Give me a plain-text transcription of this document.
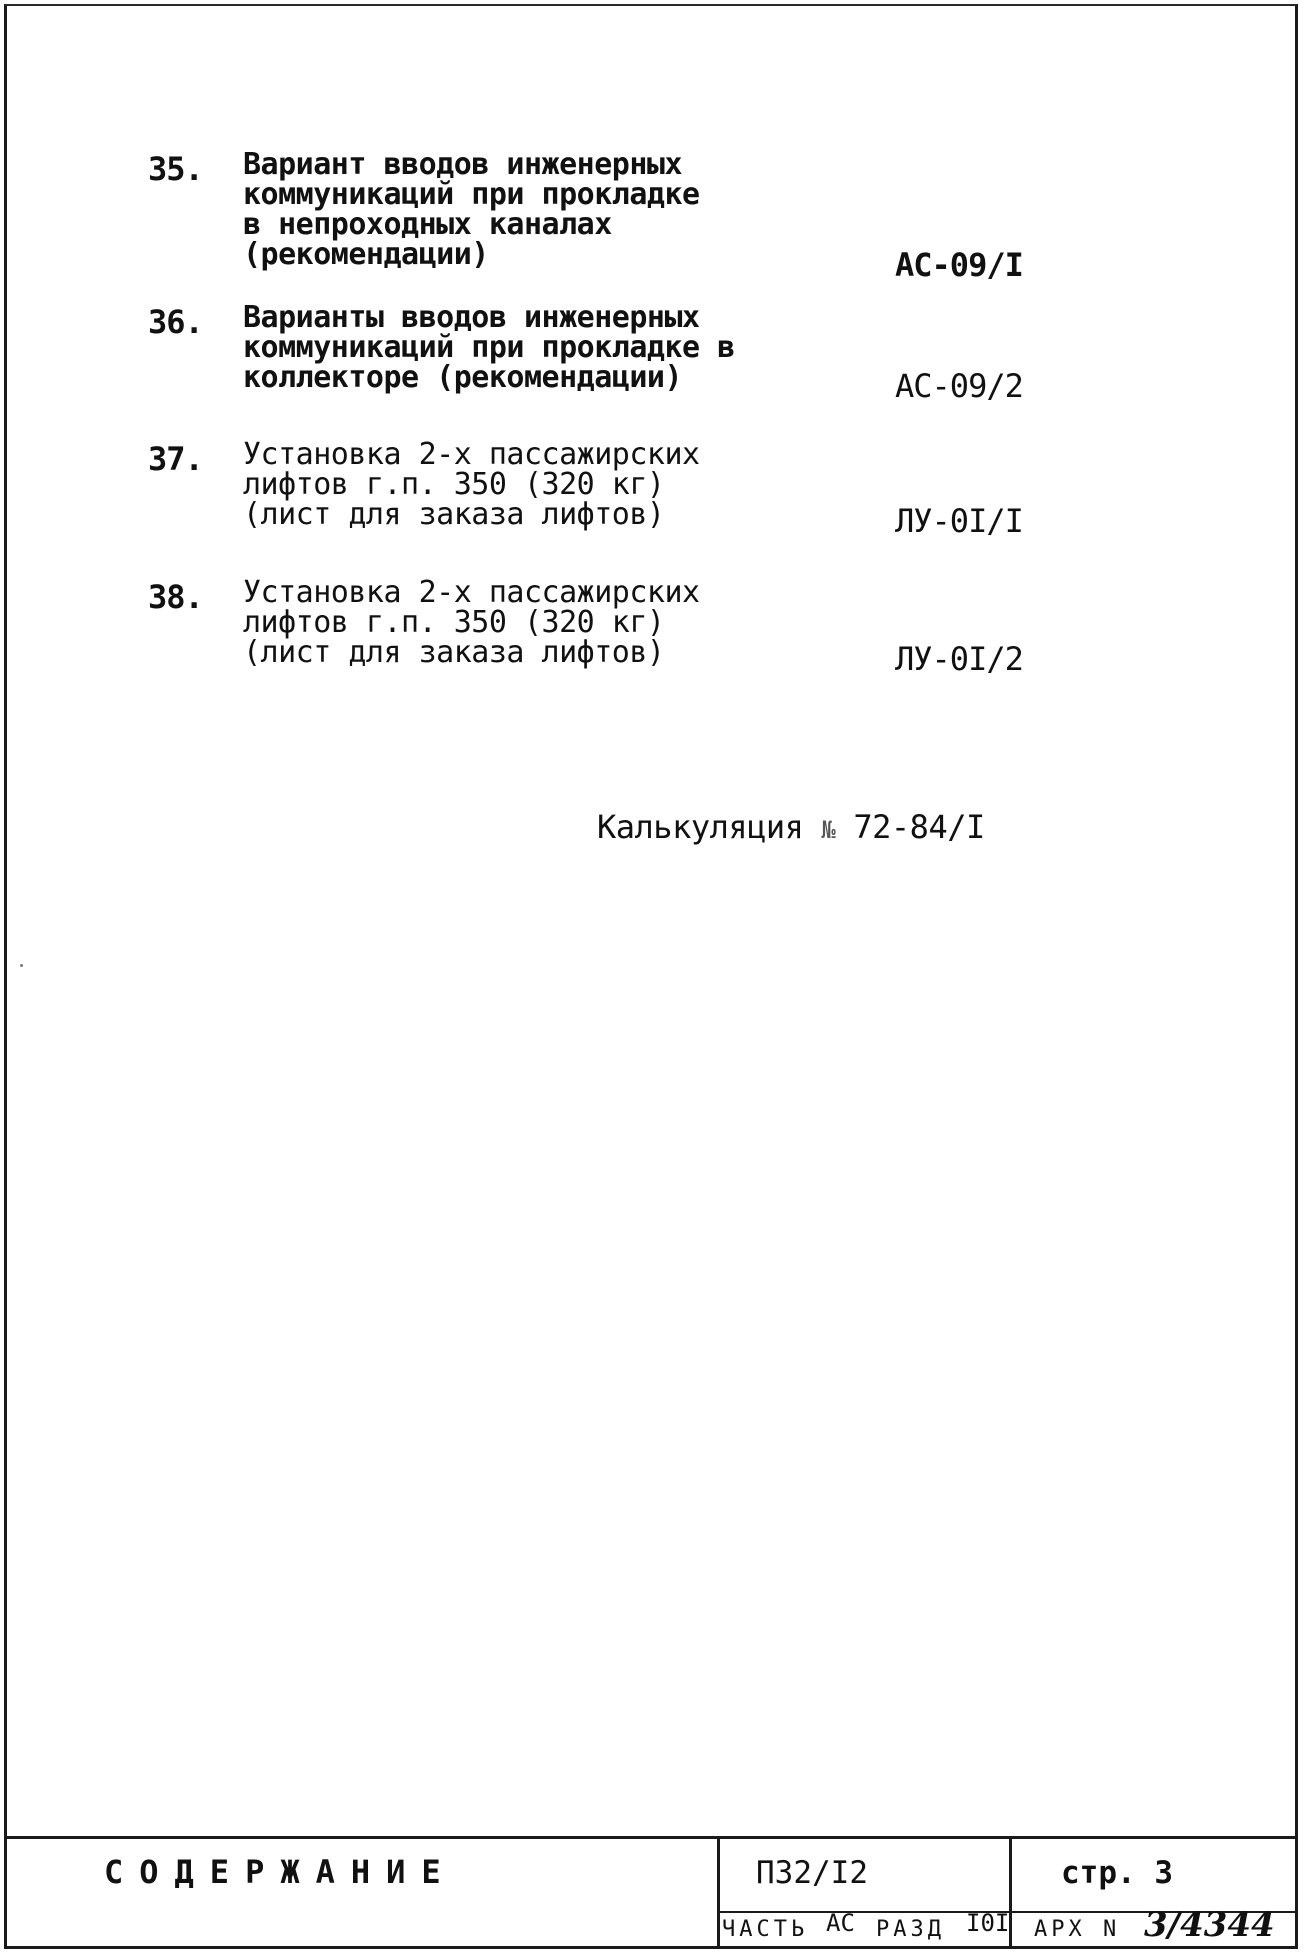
35. Вариант вводов инженерных
коммуникаций при прокладке
в непроходных каналах
(рекомендации)	АС-09/I
36. Варианты вводов инженерных
коммуникаций при прокладке в
коллекторе (рекомендации)	АС-09/2
37. Установка 2-х пассажирских
лифтов г.п. 350 (320 кг)
(лист для заказа лифтов)	ЛУ-0I/I
38. Установка 2-х пассажирских
лифтов г.п. 350 (320 кг)
(лист для заказа лифтов)	ЛУ-0I/2
Калькуляция № 72-84/I
СОДЕРЖАНИЕ	П32/I2	стр. 3
ЧАСТЬ АС РАЗД I0I АРХ N 3/4344
